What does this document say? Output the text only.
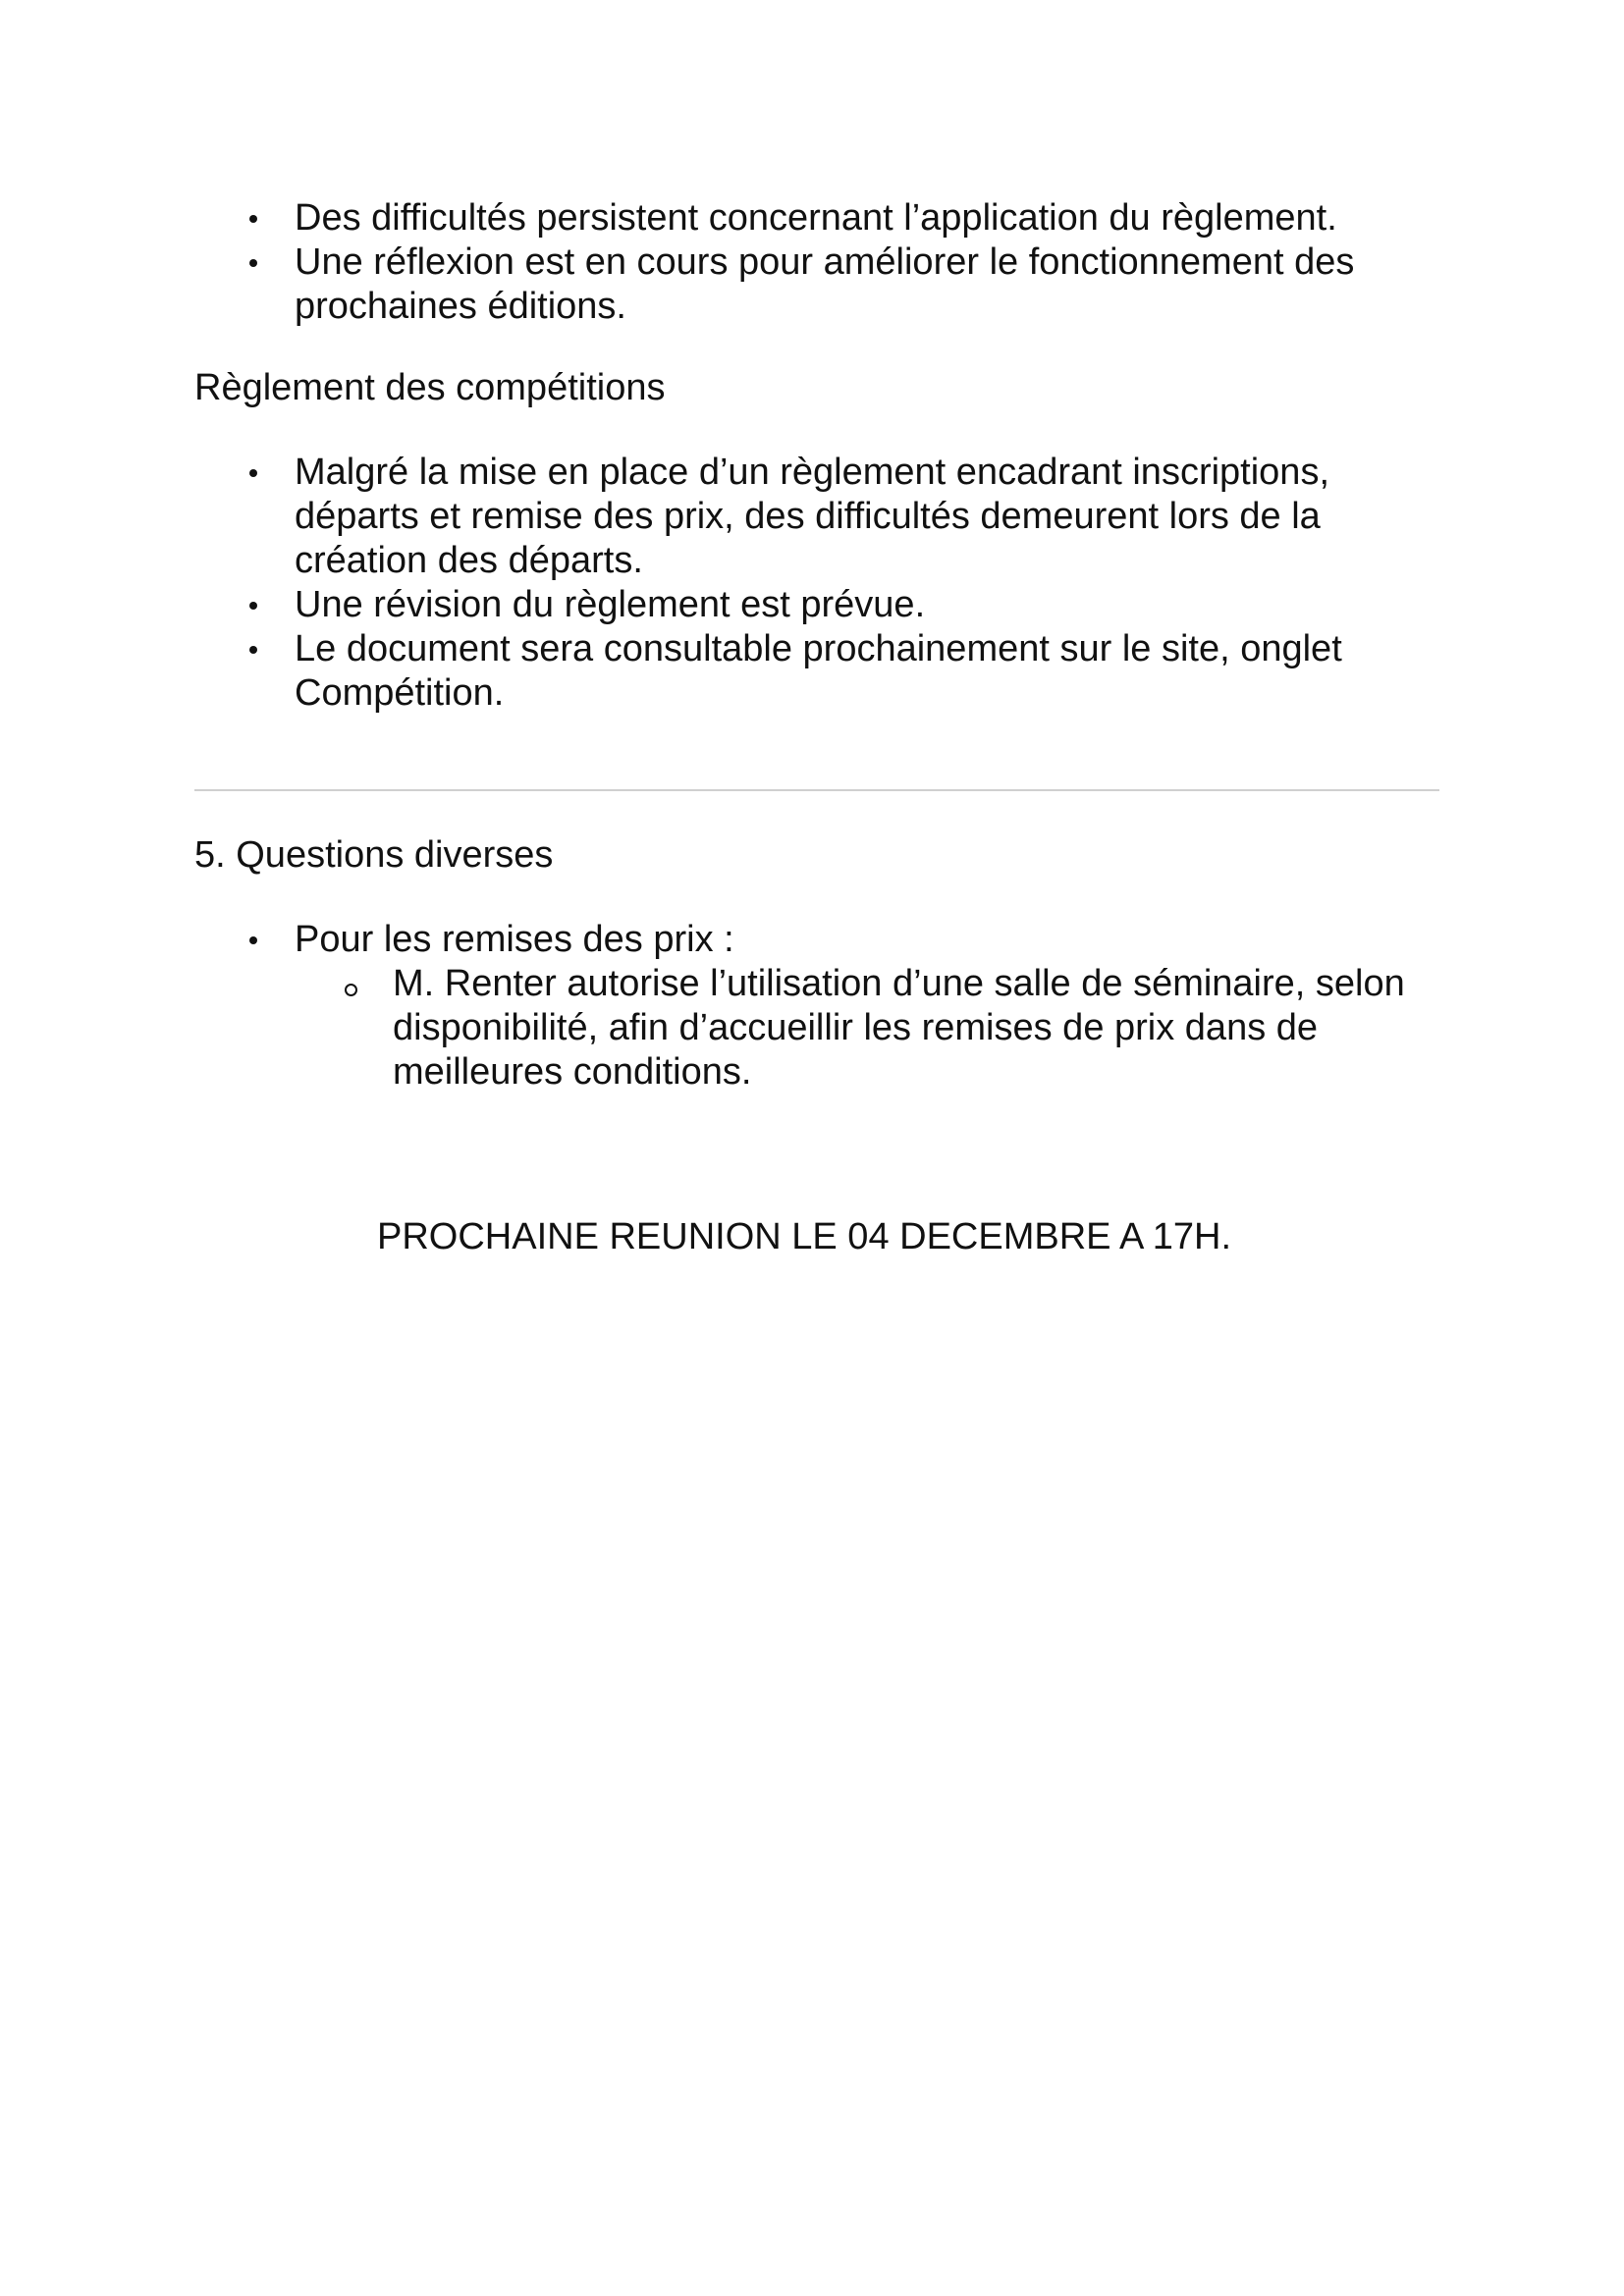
Des difficultés persistent concernant l’application du règlement.
Une réflexion est en cours pour améliorer le fonctionnement des
prochaines éditions.
Règlement des compétitions
Malgré la mise en place d’un règlement encadrant inscriptions,
départs et remise des prix, des difficultés demeurent lors de la
création des départs.
Une révision du règlement est prévue.
Le document sera consultable prochainement sur le site, onglet
Compétition.
5. Questions diverses
Pour les remises des prix :
M. Renter autorise l’utilisation d’une salle de séminaire, selon
disponibilité, afin d’accueillir les remises de prix dans de
meilleures conditions.
PROCHAINE REUNION LE 04 DECEMBRE A 17H.
